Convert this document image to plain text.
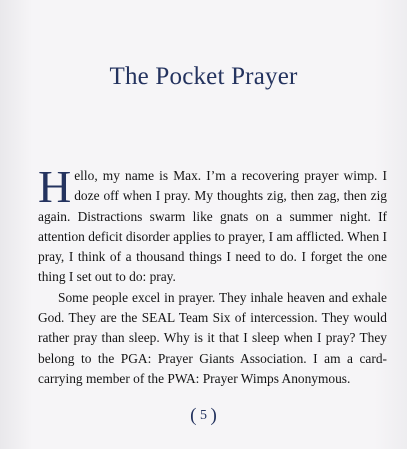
The Pocket Prayer

Hello, my name is Max. I’m a recovering prayer wimp. I doze off when I pray. My thoughts zig, then zag, then zig again. Distractions swarm like gnats on a summer night. If attention deficit disorder applies to prayer, I am afflicted. When I pray, I think of a thousand things I need to do. I forget the one thing I set out to do: pray.

Some people excel in prayer. They inhale heaven and exhale God. They are the SEAL Team Six of intercession. They would rather pray than sleep. Why is it that I sleep when I pray? They belong to the PGA: Prayer Giants Association. I am a card-carrying member of the PWA: Prayer Wimps Anonymous.

( 5 )
